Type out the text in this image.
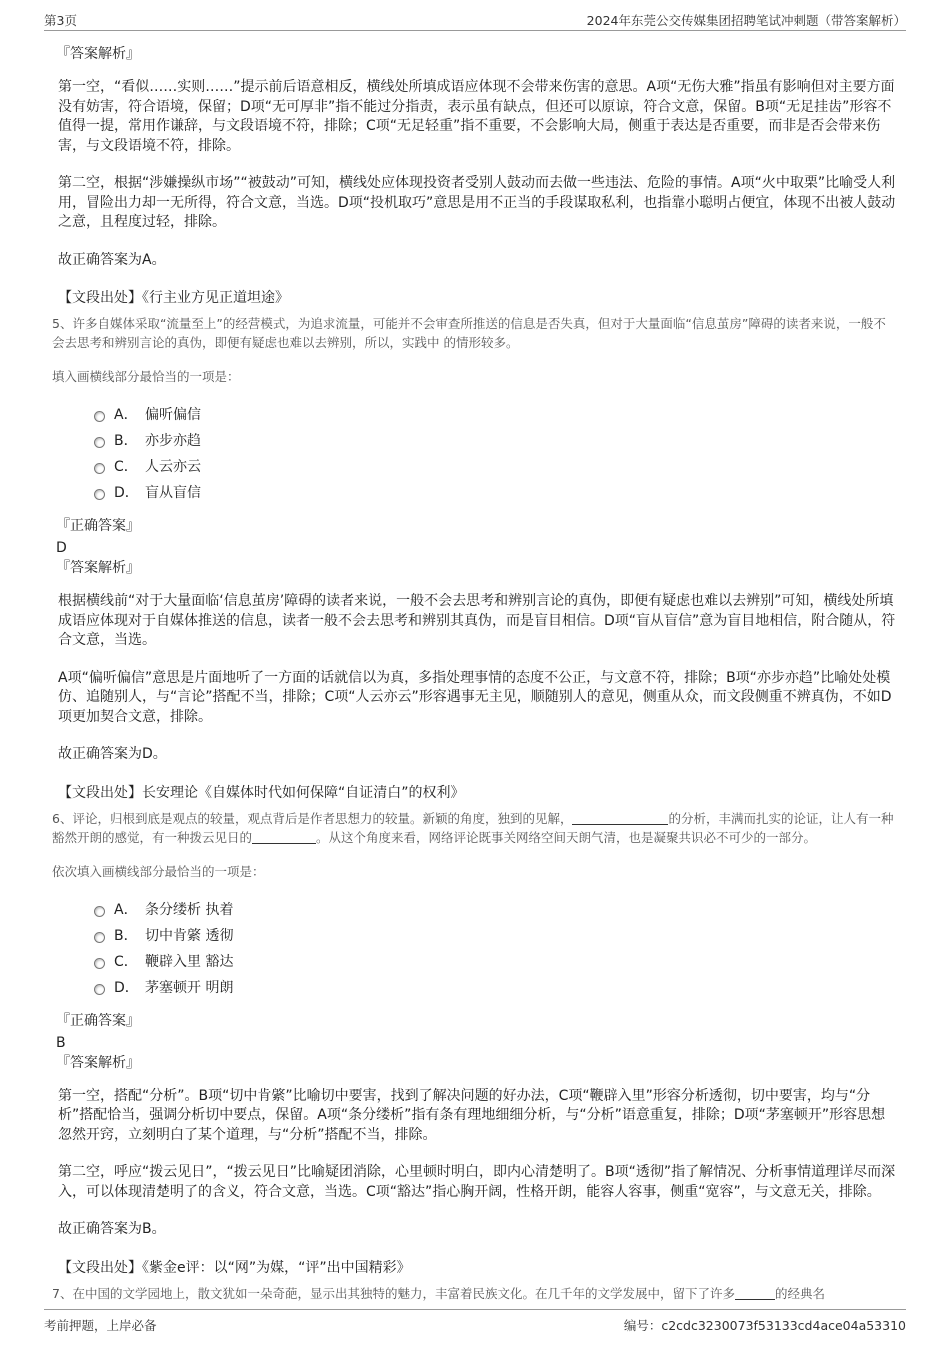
第3页	2024年东莞公交传媒集团招聘笔试冲刺题（带答案解析）

『答案解析』

第一空，“看似……实则……”提示前后语意相反，横线处所填成语应体现不会带来伤害的意思。A项“无伤大雅”指虽有影响但对主要方面没有妨害，符合语境，保留；D项“无可厚非”指不能过分指责，表示虽有缺点，但还可以原谅，符合文意，保留。B项“无足挂齿”形容不值得一提，常用作谦辞，与文段语境不符，排除；C项“无足轻重”指不重要，不会影响大局，侧重于表达是否重要，而非是否会带来伤害，与文段语境不符，排除。

第二空，根据“涉嫌操纵市场”“被鼓动”可知，横线处应体现投资者受别人鼓动而去做一些违法、危险的事情。A项“火中取栗”比喻受人利用，冒险出力却一无所得，符合文意，当选。D项“投机取巧”意思是用不正当的手段谋取私利，也指靠小聪明占便宜，体现不出被人鼓动之意，且程度过轻，排除。

故正确答案为A。

【文段出处】《行主业方见正道坦途》

5、许多自媒体采取“流量至上”的经营模式，为追求流量，可能并不会审查所推送的信息是否失真，但对于大量面临“信息茧房”障碍的读者来说，一般不会去思考和辨别言论的真伪，即便有疑虑也难以去辨别，所以，实践中 的情形较多。

填入画横线部分最恰当的一项是：

A． 偏听偏信
B． 亦步亦趋
C． 人云亦云
D． 盲从盲信

『正确答案』

D

『答案解析』

根据横线前“对于大量面临‘信息茧房’障碍的读者来说，一般不会去思考和辨别言论的真伪，即便有疑虑也难以去辨别”可知，横线处所填成语应体现对于自媒体推送的信息，读者一般不会去思考和辨别其真伪，而是盲目相信。D项“盲从盲信”意为盲目地相信，附合随从，符合文意，当选。

A项“偏听偏信”意思是片面地听了一方面的话就信以为真，多指处理事情的态度不公正，与文意不符，排除；B项“亦步亦趋”比喻处处模仿、追随别人，与“言论”搭配不当，排除；C项“人云亦云”形容遇事无主见，顺随别人的意见，侧重从众，而文段侧重不辨真伪，不如D项更加契合文意，排除。

故正确答案为D。

【文段出处】长安理论《自媒体时代如何保障“自证清白”的权利》

6、评论，归根到底是观点的较量，观点背后是作者思想力的较量。新颖的角度，独到的见解，	的分析，丰满而扎实的论证，让人有一种豁然开朗的感觉，有一种拨云见日的	。从这个角度来看，网络评论既事关网络空间天朗气清，也是凝聚共识必不可少的一部分。

依次填入画横线部分最恰当的一项是：

A． 条分缕析 执着
B． 切中肯綮 透彻
C． 鞭辟入里 豁达
D． 茅塞顿开 明朗

『正确答案』

B

『答案解析』

第一空，搭配“分析”。B项“切中肯綮”比喻切中要害，找到了解决问题的好办法，C项“鞭辟入里”形容分析透彻，切中要害，均与“分析”搭配恰当，强调分析切中要点，保留。A项“条分缕析”指有条有理地细细分析，与“分析”语意重复，排除；D项“茅塞顿开”形容思想忽然开窍，立刻明白了某个道理，与“分析”搭配不当，排除。

第二空，呼应“拨云见日”，“拨云见日”比喻疑团消除，心里顿时明白，即内心清楚明了。B项“透彻”指了解情况、分析事情道理详尽而深入，可以体现清楚明了的含义，符合文意，当选。C项“豁达”指心胸开阔，性格开朗，能容人容事，侧重“宽容”，与文意无关，排除。

故正确答案为B。

【文段出处】《紫金e评：以“网”为媒，“评”出中国精彩》

7、在中国的文学园地上，散文犹如一朵奇葩，显示出其独特的魅力，丰富着民族文化。在几千年的文学发展中，留下了许多	的经典名

考前押题，上岸必备	编号：c2cdc3230073f53133cd4ace04a53310
